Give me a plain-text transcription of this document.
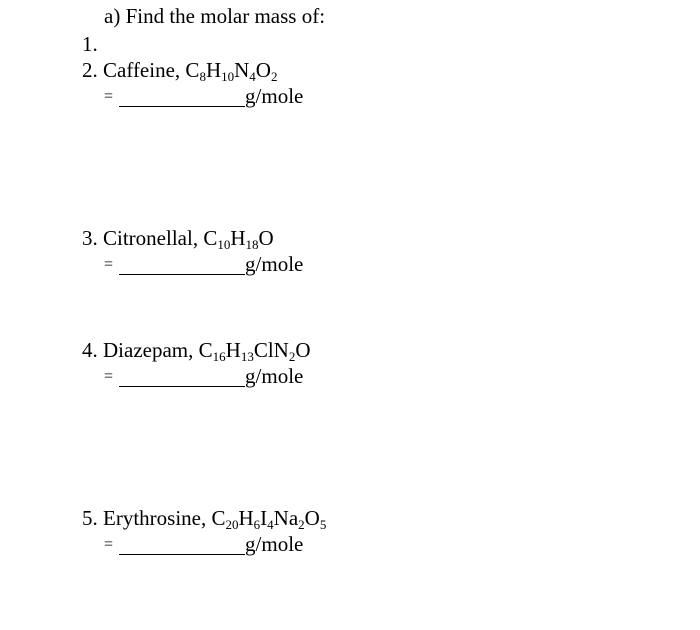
a) Find the molar mass of:
1.
2. Caffeine, $C_8H_{10}N_4O_2$
=	g/mole
3. Citronellal, $C_{10}H_{18}O$
=	g/mole
4. Diazepam, $C_{16}H_{13}ClN_2O$
=	g/mole
5. Erythrosine, $C_{20}H_6I_4Na_2O_5$
=	g/mole
